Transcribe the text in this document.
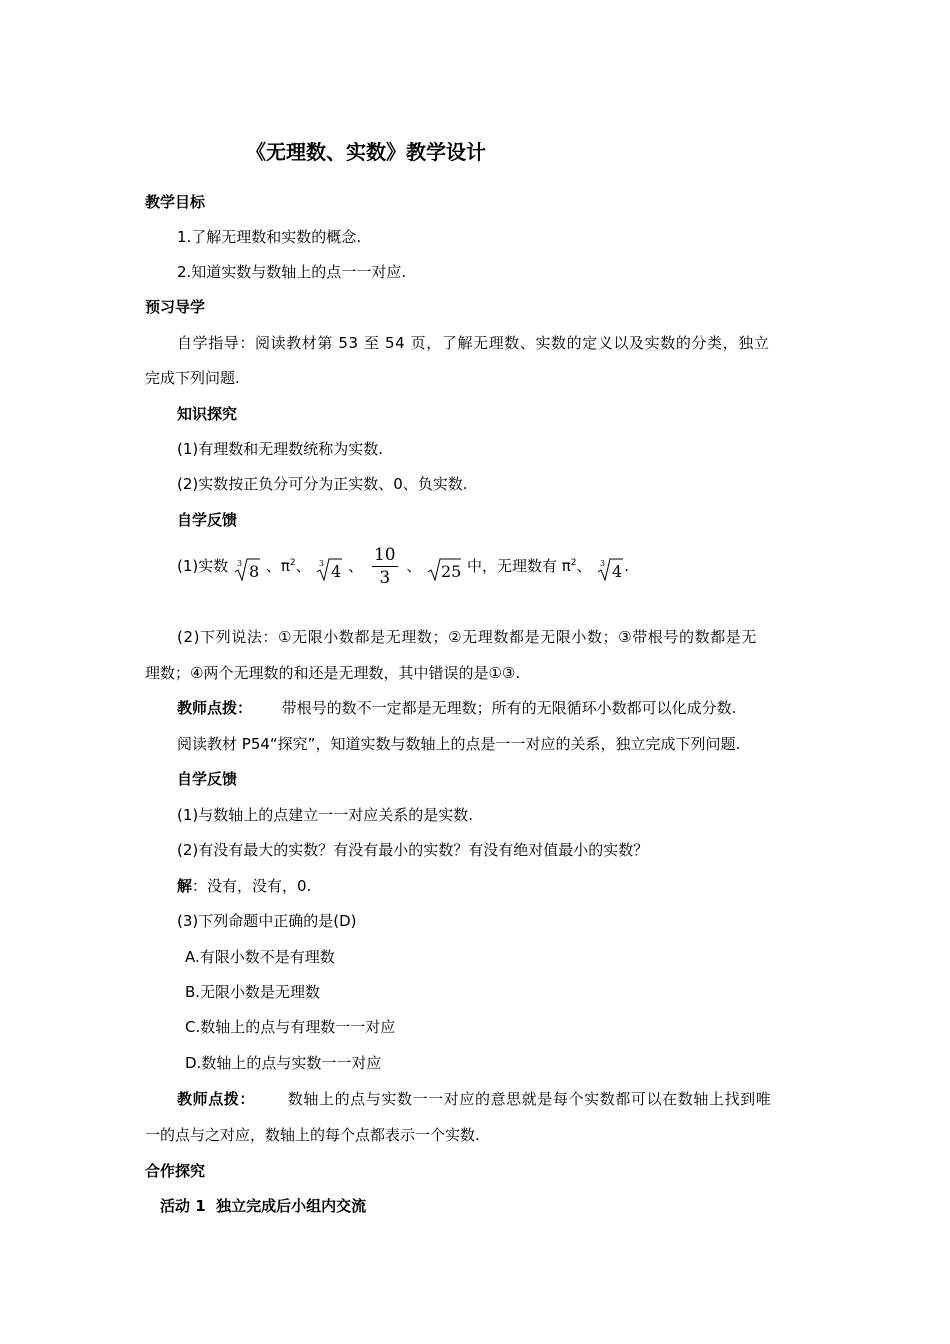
《无理数、实数》教学设计
教学目标
1.了解无理数和实数的概念.
2.知道实数与数轴上的点一一对应.
预习导学
自学指导：阅读教材第 53 至 54 页，了解无理数、实数的定义以及实数的分类，独立
完成下列问题.
知识探究
(1)有理数和无理数统称为实数.
(2)实数按正负分可分为正实数、0、负实数.
自学反馈
(1)实数 3 8 、$\pi^2$、 3 4 、 $\frac{10}{3}$ 、 25 中，无理数有 $\pi^2$、 3 4 .
(2)下列说法：①无限小数都是无理数；②无理数都是无限小数；③带根号的数都是无
理数；④两个无理数的和还是无理数，其中错误的是①③.
教师点拨： 带根号的数不一定都是无理数；所有的无限循环小数都可以化成分数.
阅读教材 P54“探究”，知道实数与数轴上的点是一一对应的关系，独立完成下列问题.
自学反馈
(1)与数轴上的点建立一一对应关系的是实数.
(2)有没有最大的实数？有没有最小的实数？有没有绝对值最小的实数？
解：没有，没有，0.
(3)下列命题中正确的是(D)
A.有限小数不是有理数
B.无限小数是无理数
C.数轴上的点与有理数一一对应
D.数轴上的点与实数一一对应
教师点拨： 数轴上的点与实数一一对应的意思就是每个实数都可以在数轴上找到唯
一的点与之对应，数轴上的每个点都表示一个实数.
合作探究
活动 1  独立完成后小组内交流
